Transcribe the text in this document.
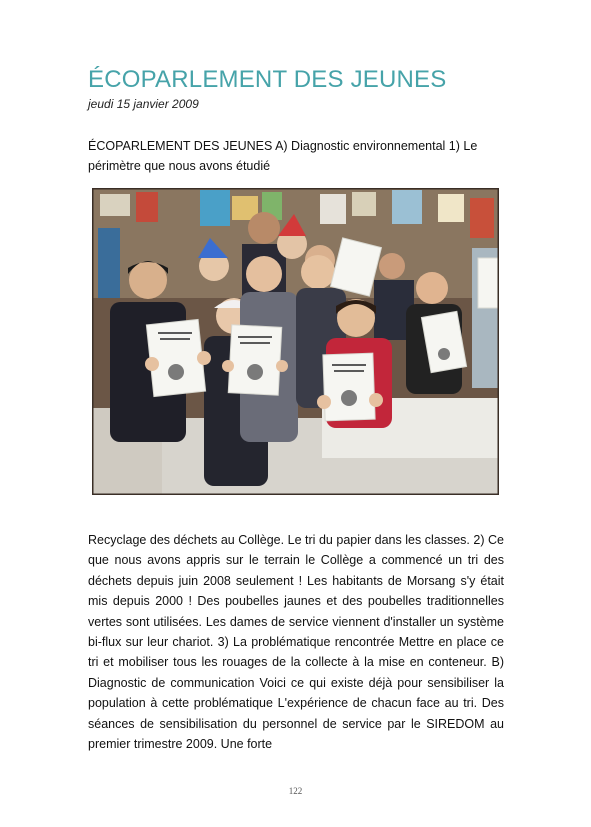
ÉCOPARLEMENT DES JEUNES
jeudi 15 janvier 2009
ÉCOPARLEMENT DES JEUNES A) Diagnostic environnemental 1) Le périmètre que nous avons étudié
Recyclage des déchets au Collège. Le tri du papier dans les classes. 2) Ce que nous avons appris sur le terrain le Collège a commencé un tri des déchets depuis juin 2008 seulement ! Les habitants de Morsang s'y était mis depuis 2000 ! Des poubelles jaunes et des poubelles traditionnelles vertes sont utilisées. Les dames de service viennent d'installer un système bi-flux sur leur chariot. 3) La problématique rencontrée Mettre en place ce tri et mobiliser tous les rouages de la collecte à la mise en conteneur. B) Diagnostic de communication Voici ce qui existe déjà pour sensibiliser la population à cette problématique L'expérience de chacun face au tri. Des séances de sensibilisation du personnel de service par le SIREDOM au premier trimestre 2009. Une forte
122
